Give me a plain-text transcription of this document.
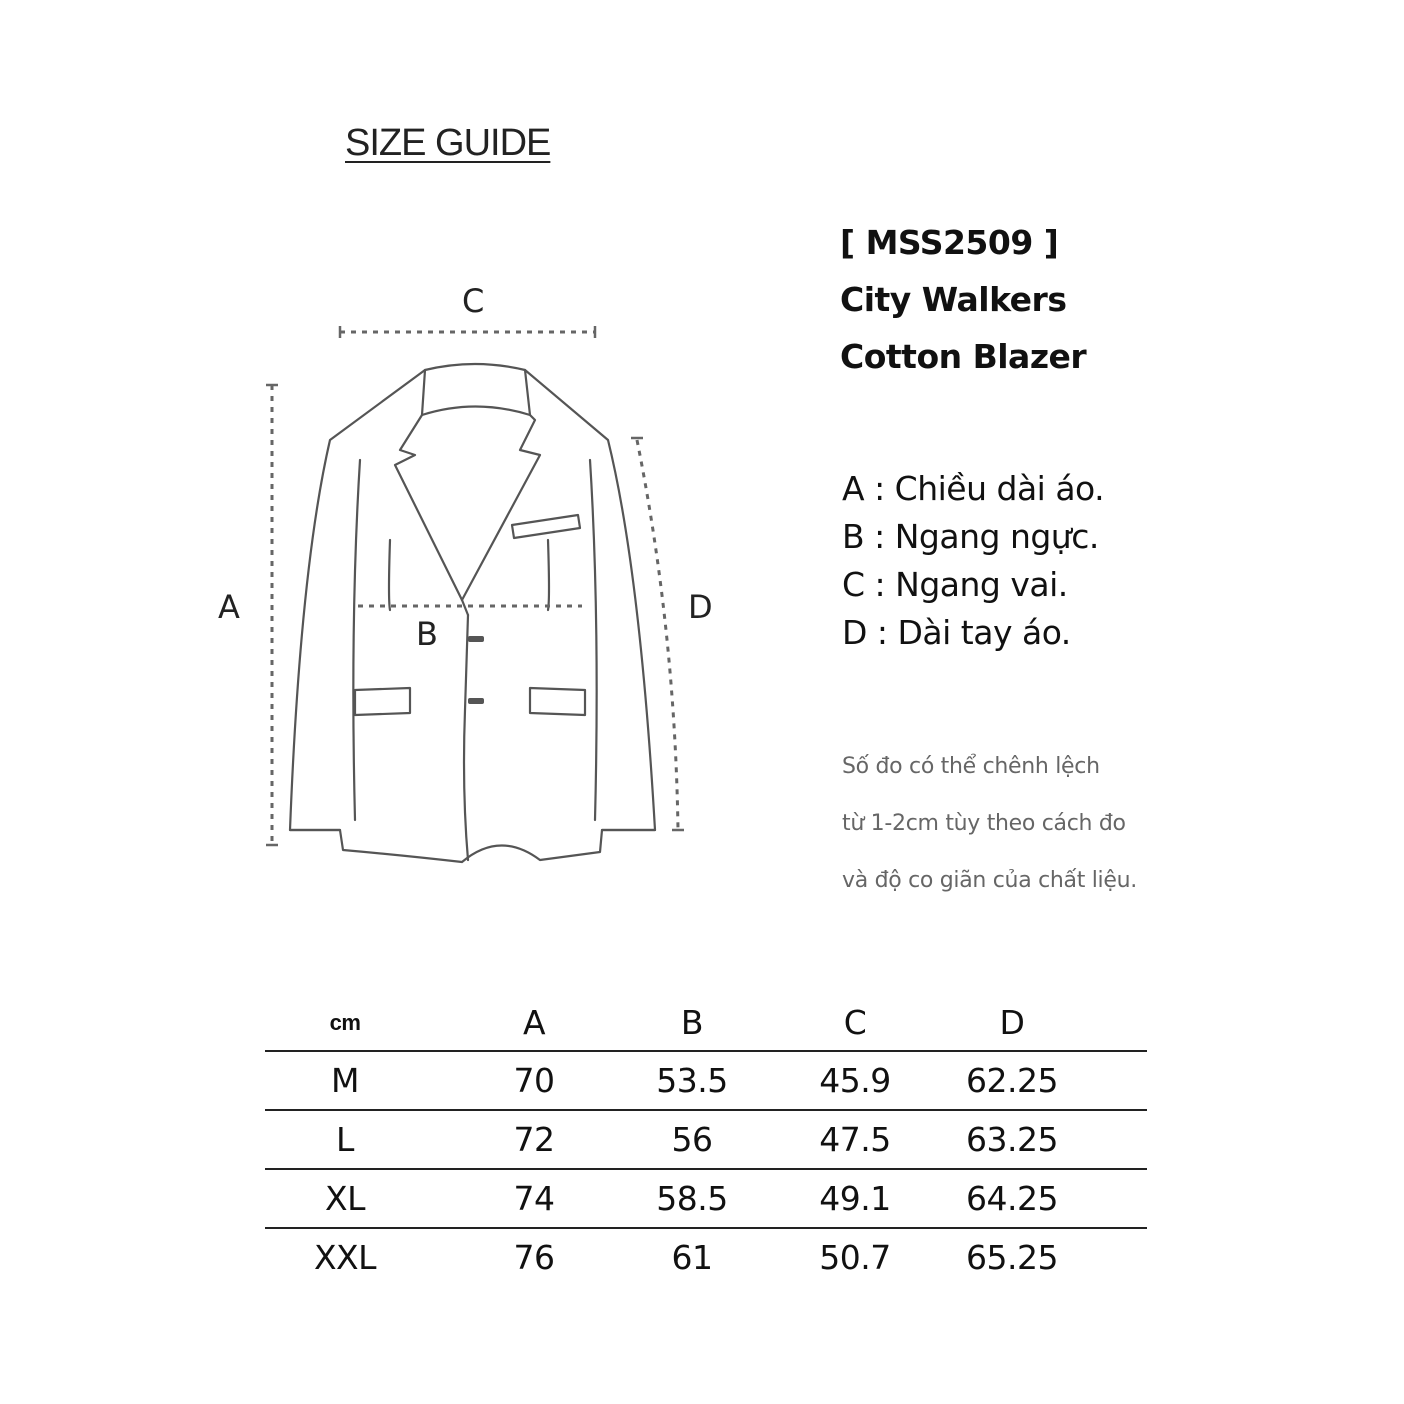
SIZE GUIDE
[ MSS2509 ]
City Walkers
Cotton Blazer
C
A
B
D
A : Chiều dài áo.
B : Ngang ngực.
C : Ngang vai.
D : Dài tay áo.
Số đo có thể chênh lệch
từ 1-2cm tùy theo cách đo
và độ co giãn của chất liệu.
cm	A	B	C	D
M	70	53.5	45.9	62.25
L	72	56	47.5	63.25
XL	74	58.5	49.1	64.25
XXL	76	61	50.7	65.25
